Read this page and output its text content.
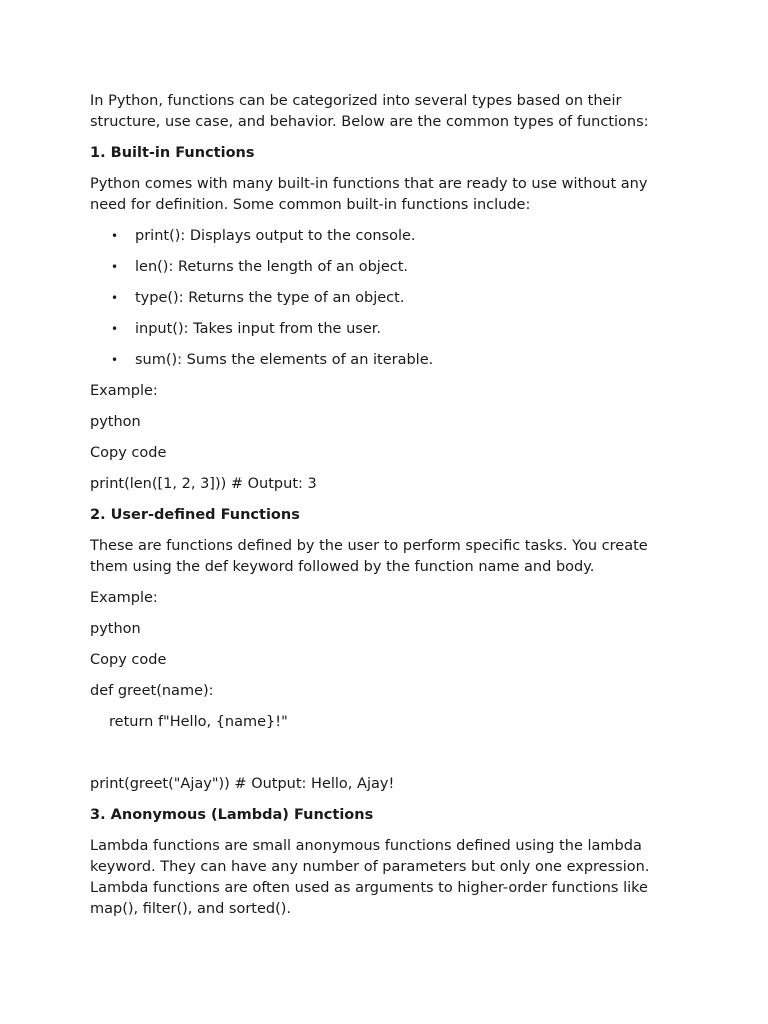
In Python, functions can be categorized into several types based on their structure, use case, and behavior. Below are the common types of functions:

1. Built-in Functions

Python comes with many built-in functions that are ready to use without any need for definition. Some common built-in functions include:

• print(): Displays output to the console.
• len(): Returns the length of an object.
• type(): Returns the type of an object.
• input(): Takes input from the user.
• sum(): Sums the elements of an iterable.

Example:

python

Copy code

print(len([1, 2, 3])) # Output: 3

2. User-defined Functions

These are functions defined by the user to perform specific tasks. You create them using the def keyword followed by the function name and body.

Example:

python

Copy code

def greet(name):

return f"Hello, {name}!"

print(greet("Ajay")) # Output: Hello, Ajay!

3. Anonymous (Lambda) Functions

Lambda functions are small anonymous functions defined using the lambda keyword. They can have any number of parameters but only one expression. Lambda functions are often used as arguments to higher-order functions like map(), filter(), and sorted().
